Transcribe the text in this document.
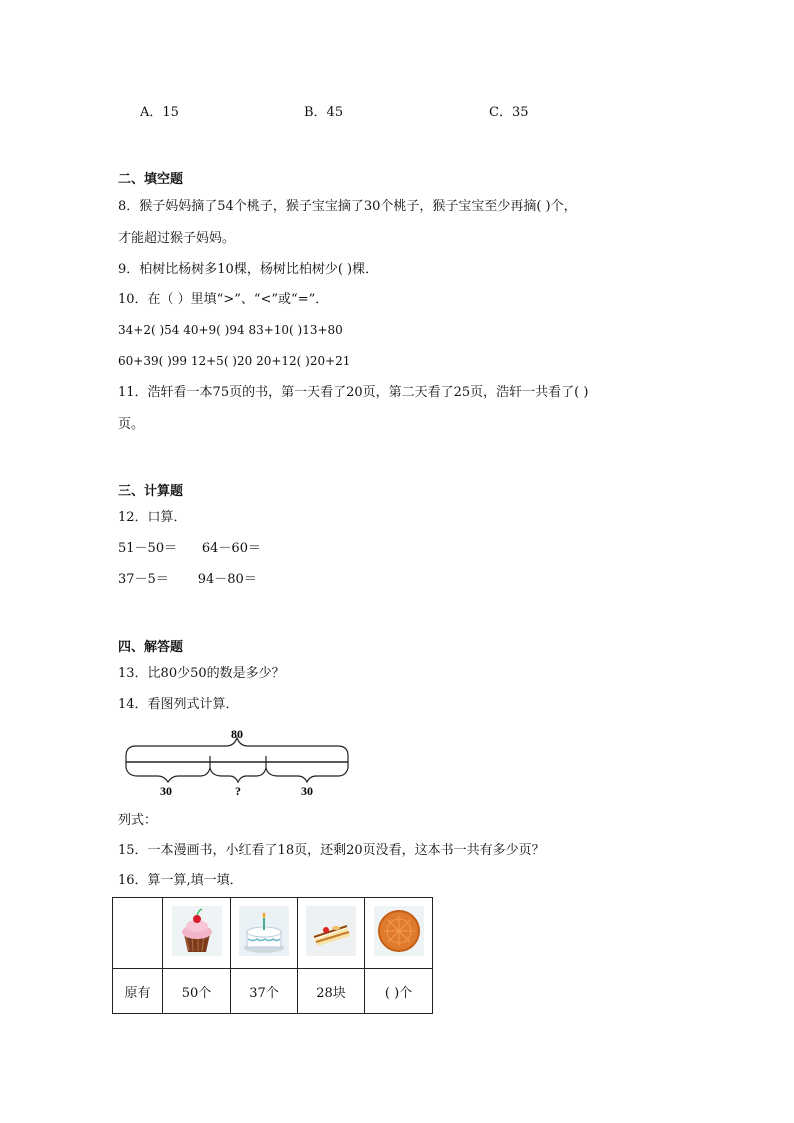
A．15	B．45	C．35
二、填空题
8．猴子妈妈摘了54个桃子，猴子宝宝摘了30个桃子，猴子宝宝至少再摘( )个，
才能超过猴子妈妈。
9．柏树比杨树多10棵，杨树比柏树少( )棵．
10．在（ ）里填“>”、“<”或“=”．
34+2( )54 40+9( )94 83+10( )13+80
60+39( )99 12+5( )20 20+12( )20+21
11．浩轩看一本75页的书，第一天看了20页，第二天看了25页，浩轩一共看了( )
页。
三、计算题
12．口算．
51－50＝      64－60＝
37－5＝       94－80＝
四、解答题
13．比80少50的数是多少？
14．看图列式计算．
80
30	?	30
列式：
15．一本漫画书，小红看了18页，还剩20页没看，这本书一共有多少页？
16．算一算,填一填．

原有	50个	37个	28块	( )个
